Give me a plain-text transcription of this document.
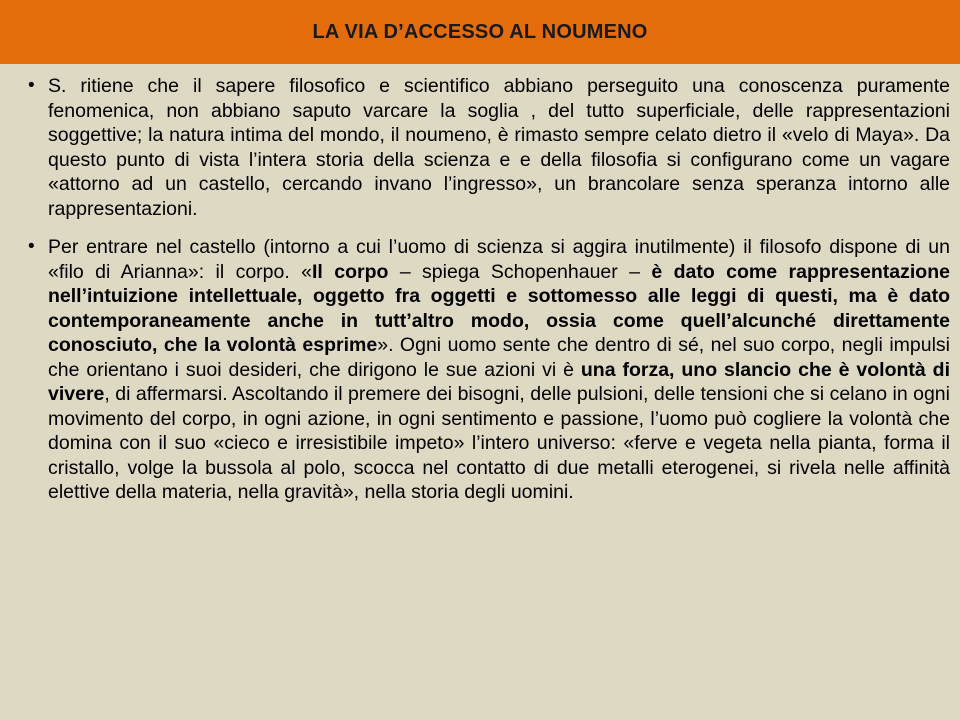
LA VIA D’ACCESSO AL NOUMENO
• S. ritiene che il sapere filosofico e scientifico abbiano perseguito una conoscenza puramente fenomenica, non abbiano saputo varcare la soglia , del tutto superficiale, delle rappresentazioni soggettive; la natura intima del mondo, il noumeno, è rimasto sempre celato dietro il «velo di Maya». Da questo punto di vista l’intera storia della scienza e e della filosofia si configurano come un vagare «attorno ad un castello, cercando invano l’ingresso», un brancolare senza speranza intorno alle rappresentazioni.

• Per entrare nel castello (intorno a cui l’uomo di scienza si aggira inutilmente) il filosofo dispone di un «filo di Arianna»: il corpo. «Il corpo – spiega Schopenhauer – è dato come rappresentazione nell’intuizione intellettuale, oggetto fra oggetti e sottomesso alle leggi di questi, ma è dato contemporaneamente anche in tutt’altro modo, ossia come quell’alcunché direttamente conosciuto, che la volontà esprime». Ogni uomo sente che dentro di sé, nel suo corpo, negli impulsi che orientano i suoi desideri, che dirigono le sue azioni vi è una forza, uno slancio che è volontà di vivere, di affermarsi. Ascoltando il premere dei bisogni, delle pulsioni, delle tensioni che si celano in ogni movimento del corpo, in ogni azione, in ogni sentimento e passione, l’uomo può cogliere la volontà che domina con il suo «cieco e irresistibile impeto» l’intero universo: «ferve e vegeta nella pianta, forma il cristallo, volge la bussola al polo, scocca nel contatto di due metalli eterogenei, si rivela nelle affinità elettive della materia, nella gravità», nella storia degli uomini.
